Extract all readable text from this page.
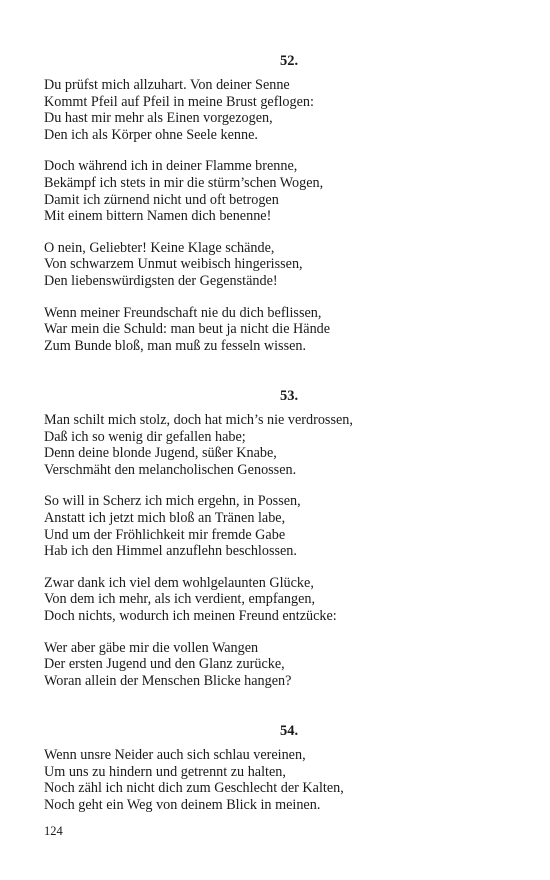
52.
Du prüfst mich allzuhart. Von deiner Senne
Kommt Pfeil auf Pfeil in meine Brust geflogen:
Du hast mir mehr als Einen vorgezogen,
Den ich als Körper ohne Seele kenne.
Doch während ich in deiner Flamme brenne,
Bekämpf ich stets in mir die stürm’schen Wogen,
Damit ich zürnend nicht und oft betrogen
Mit einem bittern Namen dich benenne!
O nein, Geliebter! Keine Klage schände,
Von schwarzem Unmut weibisch hingerissen,
Den liebenswürdigsten der Gegenstände!
Wenn meiner Freundschaft nie du dich beflissen,
War mein die Schuld: man beut ja nicht die Hände
Zum Bunde bloß, man muß zu fesseln wissen.
53.
Man schilt mich stolz, doch hat mich’s nie verdrossen,
Daß ich so wenig dir gefallen habe;
Denn deine blonde Jugend, süßer Knabe,
Verschmäht den melancholischen Genossen.
So will in Scherz ich mich ergehn, in Possen,
Anstatt ich jetzt mich bloß an Tränen labe,
Und um der Fröhlichkeit mir fremde Gabe
Hab ich den Himmel anzuflehn beschlossen.
Zwar dank ich viel dem wohlgelaunten Glücke,
Von dem ich mehr, als ich verdient, empfangen,
Doch nichts, wodurch ich meinen Freund entzücke:
Wer aber gäbe mir die vollen Wangen
Der ersten Jugend und den Glanz zurücke,
Woran allein der Menschen Blicke hangen?
54.
Wenn unsre Neider auch sich schlau vereinen,
Um uns zu hindern und getrennt zu halten,
Noch zähl ich nicht dich zum Geschlecht der Kalten,
Noch geht ein Weg von deinem Blick in meinen.
124
